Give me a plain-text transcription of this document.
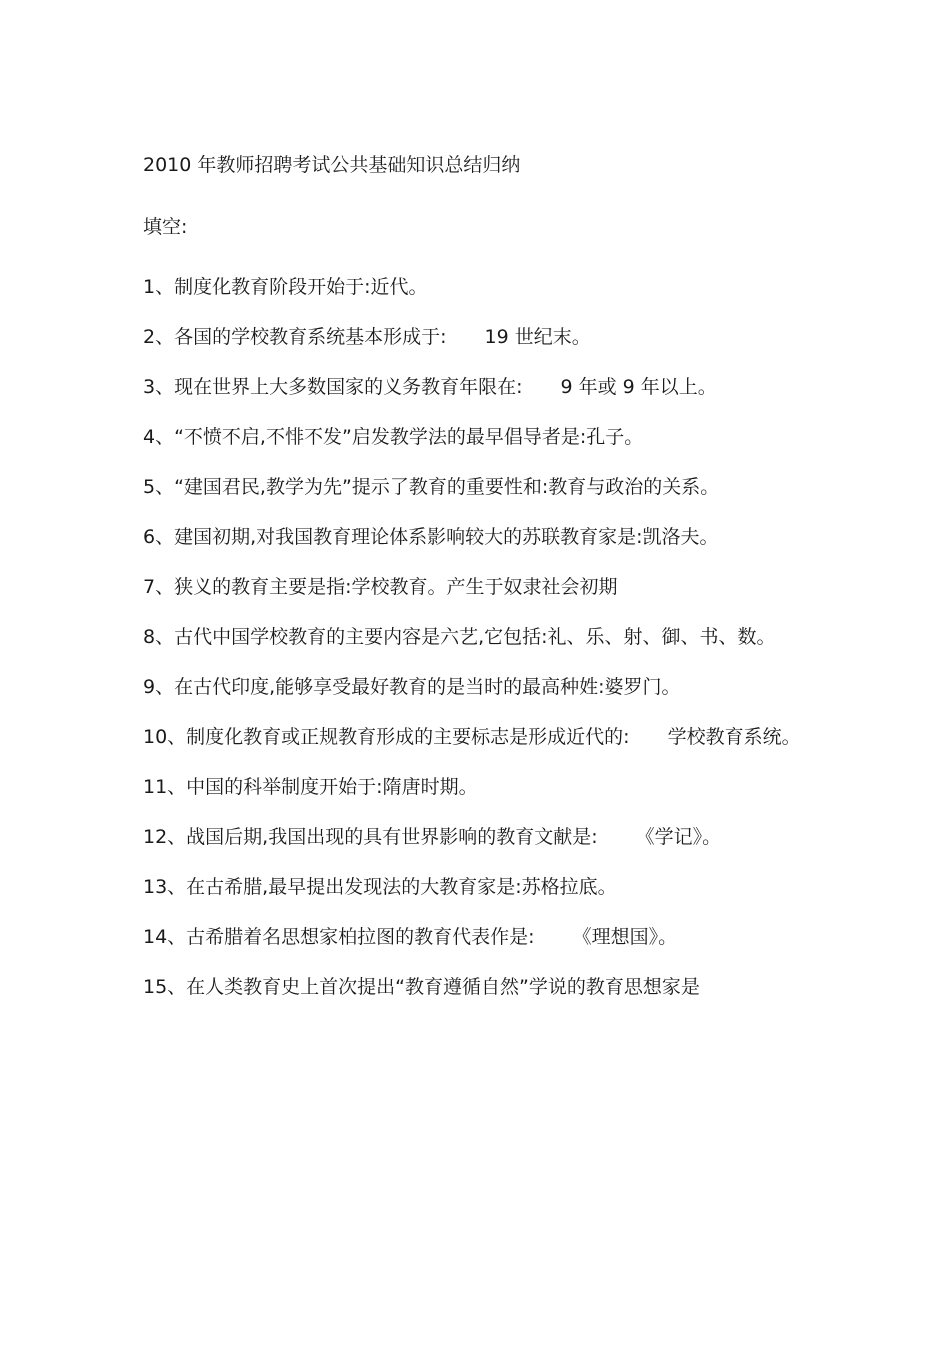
2010 年教师招聘考试公共基础知识总结归纳
填空:
1、制度化教育阶段开始于:近代。
2、各国的学校教育系统基本形成于: 19 世纪末。
3、现在世界上大多数国家的义务教育年限在: 9 年或 9 年以上。
4、“不愤不启,不悱不发”启发教学法的最早倡导者是:孔子。
5、“建国君民,教学为先”提示了教育的重要性和:教育与政治的关系。
6、建国初期,对我国教育理论体系影响较大的苏联教育家是:凯洛夫。
7、狭义的教育主要是指:学校教育。产生于奴隶社会初期
8、古代中国学校教育的主要内容是六艺,它包括:礼、乐、射、御、书、数。
9、在古代印度,能够享受最好教育的是当时的最高种姓:婆罗门。
10、制度化教育或正规教育形成的主要标志是形成近代的: 学校教育系统。
11、中国的科举制度开始于:隋唐时期。
12、战国后期,我国出现的具有世界影响的教育文献是: 《学记》。
13、在古希腊,最早提出发现法的大教育家是:苏格拉底。
14、古希腊着名思想家柏拉图的教育代表作是: 《理想国》。
15、在人类教育史上首次提出“教育遵循自然”学说的教育思想家是
